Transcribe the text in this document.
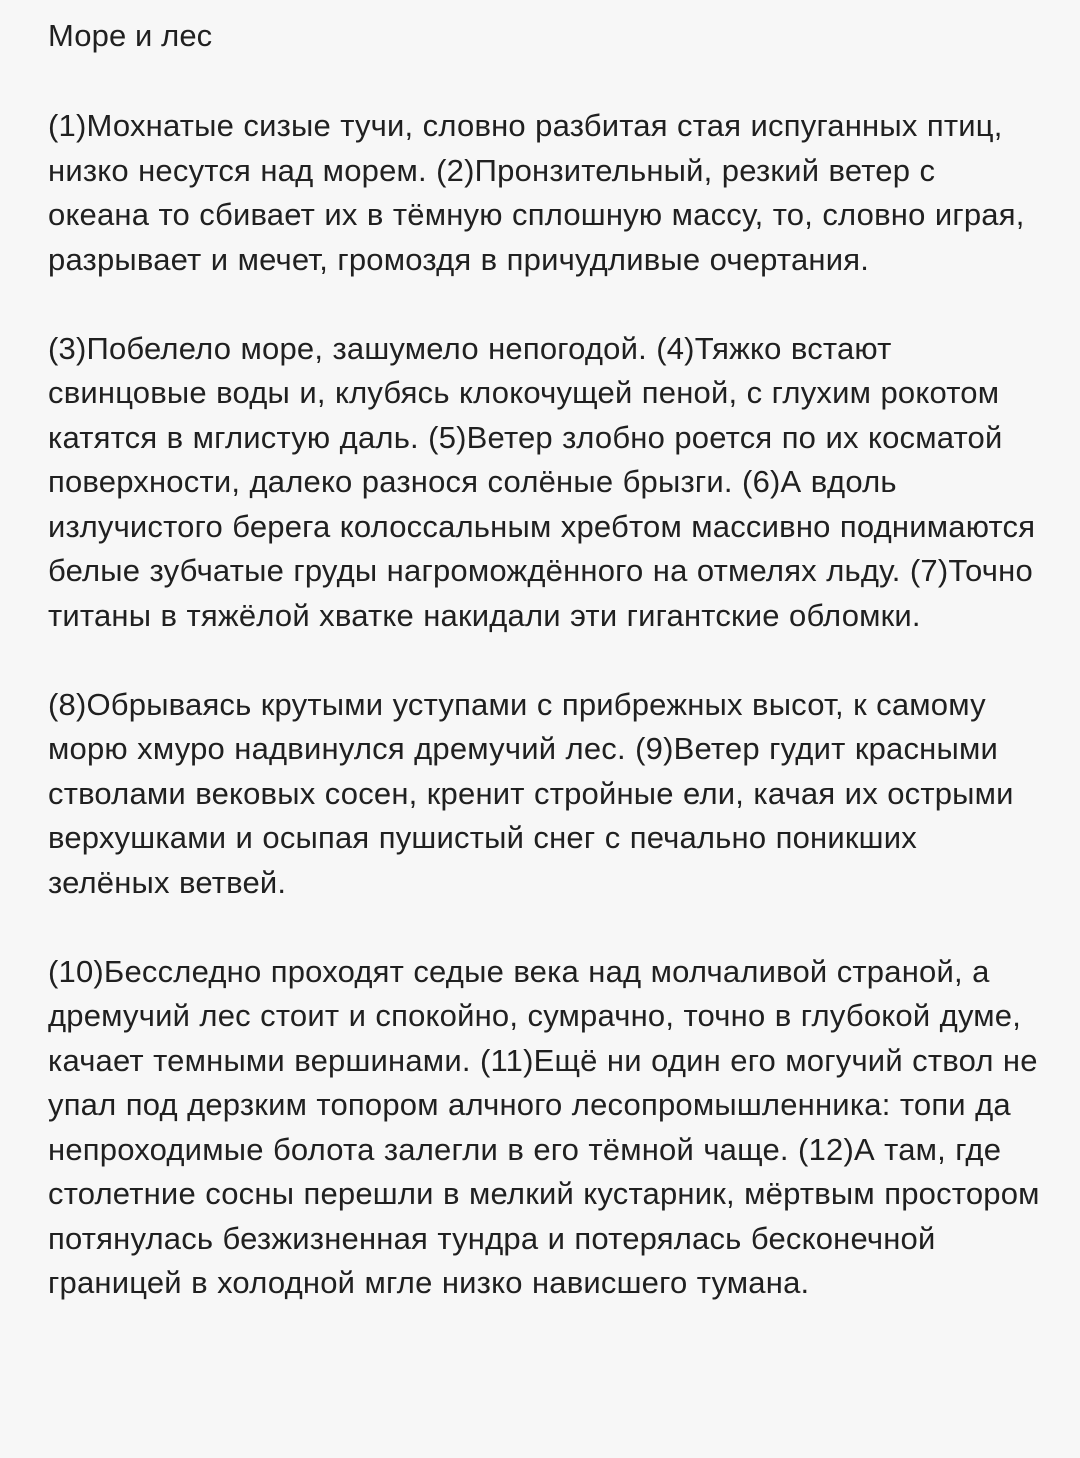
Море и лес

(1)Мохнатые сизые тучи, словно разбитая стая испуганных птиц, низко несутся над морем. (2)Пронзительный, резкий ветер с океана то сбивает их в тёмную сплошную массу, то, словно играя, разрывает и мечет, громоздя в причудливые очертания.

(3)Побелело море, зашумело непогодой. (4)Тяжко встают свинцовые воды и, клубясь клокочущей пеной, с глухим рокотом катятся в мглистую даль. (5)Ветер злобно роется по их косматой поверхности, далеко разнося солёные брызги. (6)А вдоль излучистого берега колоссальным хребтом массивно поднимаются белые зубчатые груды нагромождённого на отмелях льду. (7)Точно титаны в тяжёлой хватке накидали эти гигантские обломки.

(8)Обрываясь крутыми уступами с прибрежных высот, к самому морю хмуро надвинулся дремучий лес. (9)Ветер гудит красными стволами вековых сосен, кренит стройные ели, качая их острыми верхушками и осыпая пушистый снег с печально поникших зелёных ветвей.

(10)Бесследно проходят седые века над молчаливой страной, а дремучий лес стоит и спокойно, сумрачно, точно в глубокой думе, качает темными вершинами. (11)Ещё ни один его могучий ствол не упал под дерзким топором алчного лесопромышленника: топи да непроходимые болота залегли в его тёмной чаще. (12)А там, где столетние сосны перешли в мелкий кустарник, мёртвым простором потянулась безжизненная тундра и потерялась бесконечной границей в холодной мгле низко нависшего тумана.
